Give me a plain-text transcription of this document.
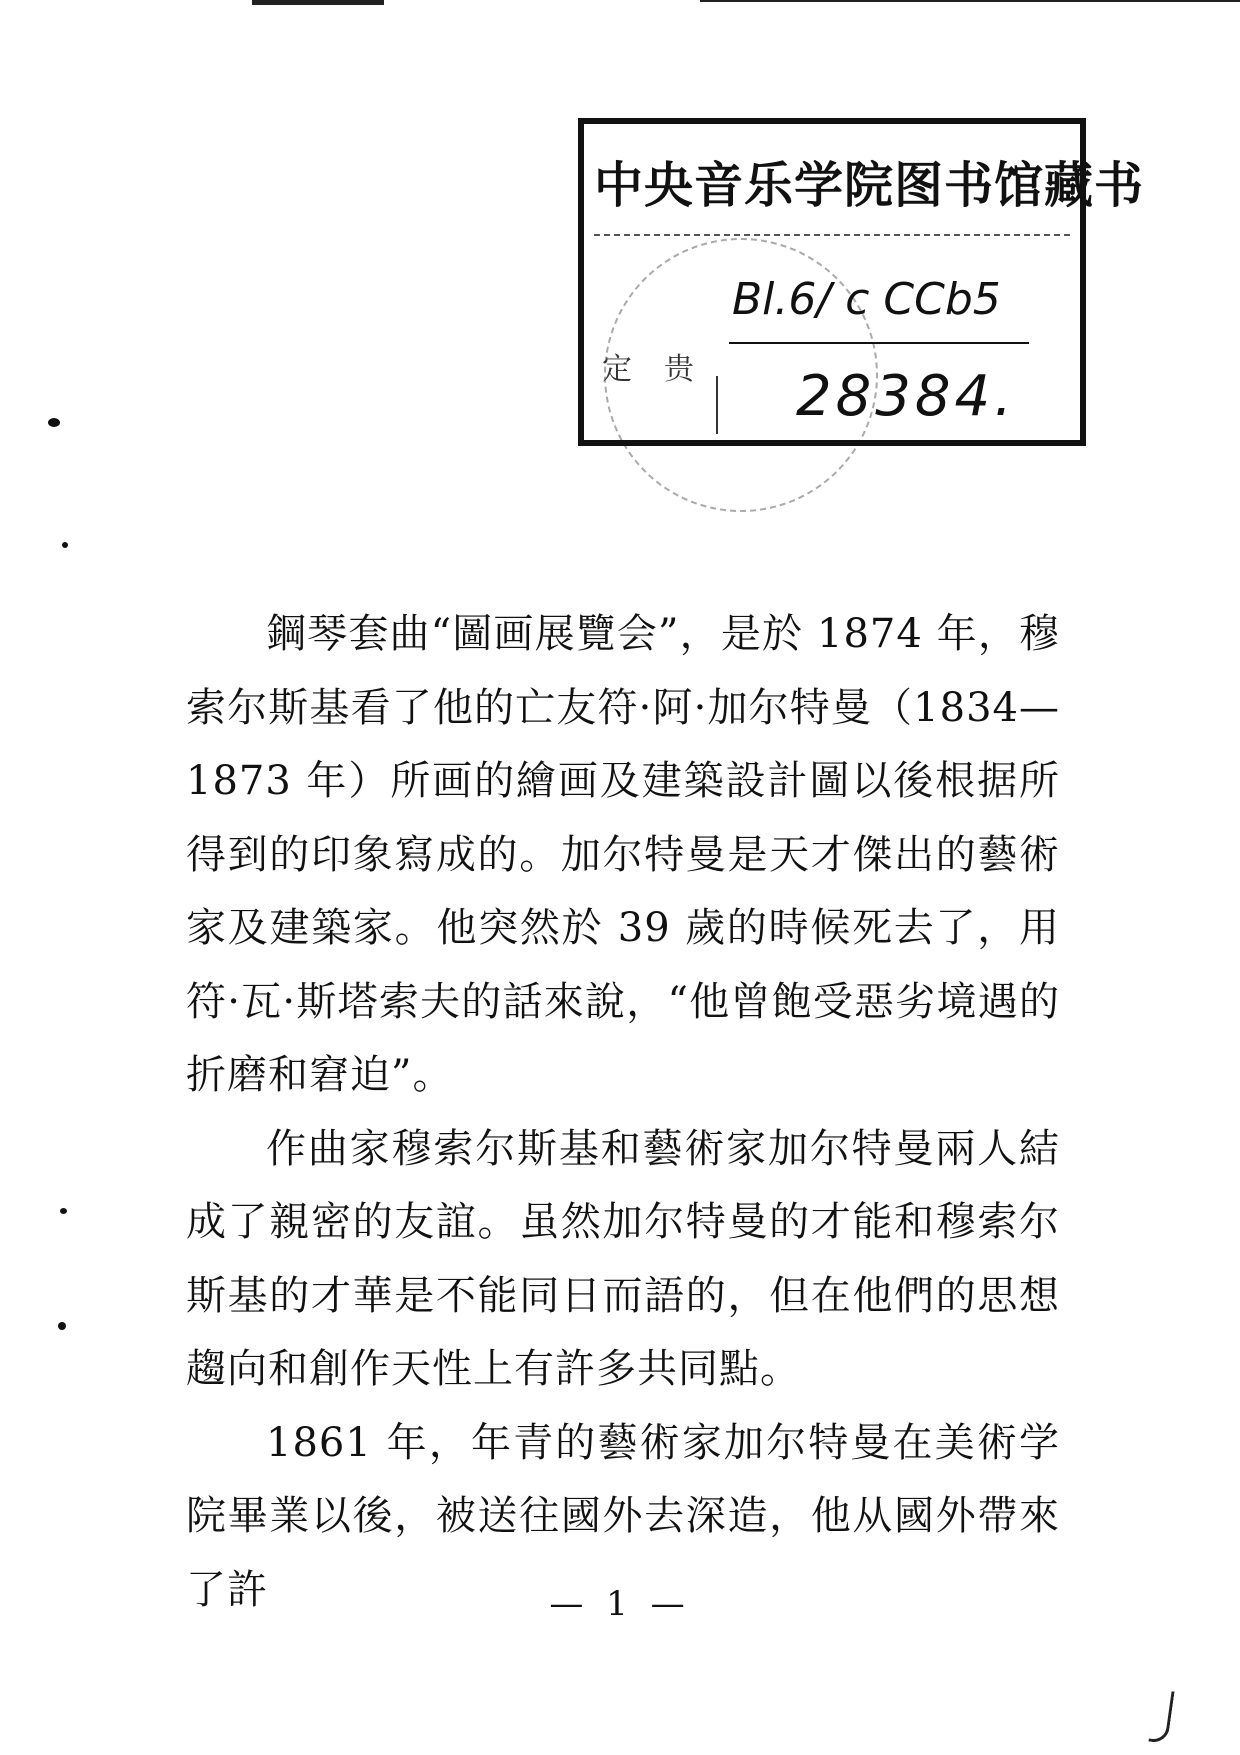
中央音乐学院图书馆藏书
定 贵
Bl.6/ c CCb5
28384.

鋼琴套曲“圖画展覽会”，是於 1874 年，穆索尔斯基看了他的亡友符·阿·加尔特曼（1834—1873 年）所画的繪画及建築設計圖以後根据所得到的印象寫成的。加尔特曼是天才傑出的藝術家及建築家。他突然於 39 歲的時候死去了，用符·瓦·斯塔索夫的話來說，“他曾飽受惡劣境遇的折磨和窘迫”。

作曲家穆索尔斯基和藝術家加尔特曼兩人結成了親密的友誼。虽然加尔特曼的才能和穆索尔斯基的才華是不能同日而語的，但在他們的思想趨向和創作天性上有許多共同點。

1861 年，年青的藝術家加尔特曼在美術学院畢業以後，被送往國外去深造，他从國外帶來了許	— 1 —
